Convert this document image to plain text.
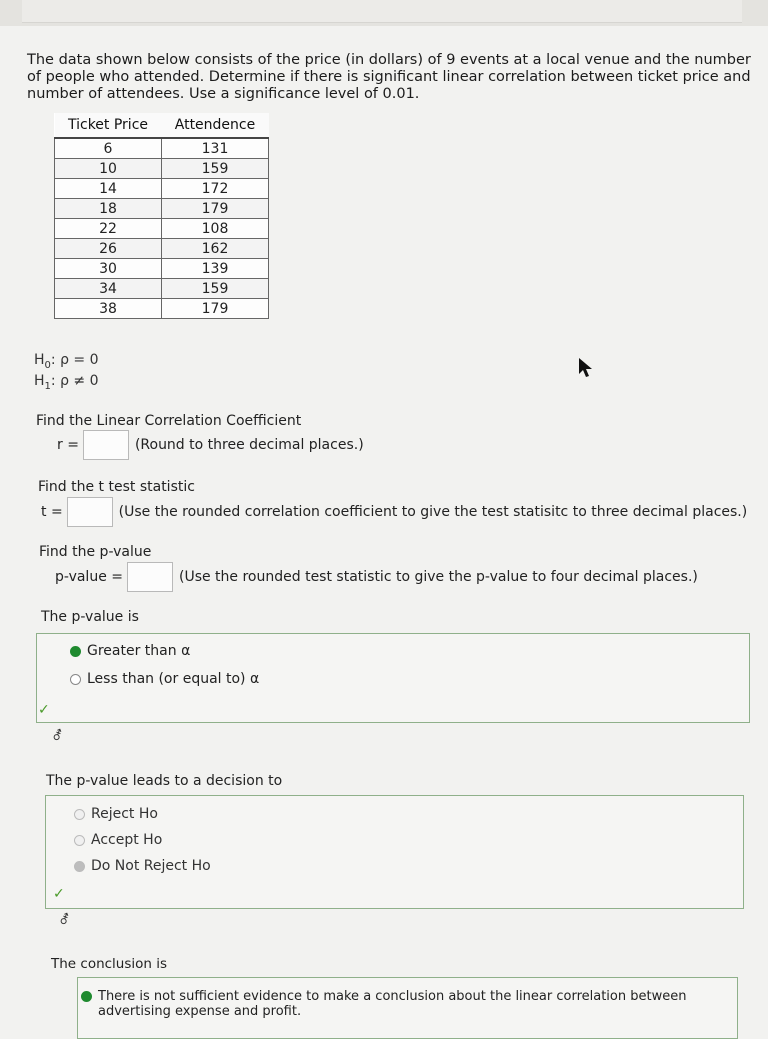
The data shown below consists of the price (in dollars) of 9 events at a local venue and the number of people who attended. Determine if there is significant linear correlation between ticket price and number of attendees. Use a significance level of 0.01.
Ticket Price	Attendence
6	131
10	159
14	172
18	179
22	108
26	162
30	139
34	159
38	179
$H_0$: ρ = 0
$H_1$: ρ ≠ 0
Find the Linear Correlation Coefficient
r =	(Round to three decimal places.)
Find the t test statistic
t =	(Use the rounded correlation coefficient to give the test statisitc to three decimal places.)
Find the p-value
p-value =	(Use the rounded test statistic to give the p-value to four decimal places.)
The p-value is
Greater than α
Less than (or equal to) α
✓
⚦
The p-value leads to a decision to
Reject Ho
Accept Ho
Do Not Reject Ho
✓
⚦
The conclusion is
There is not sufficient evidence to make a conclusion about the linear correlation between advertising expense and profit.
